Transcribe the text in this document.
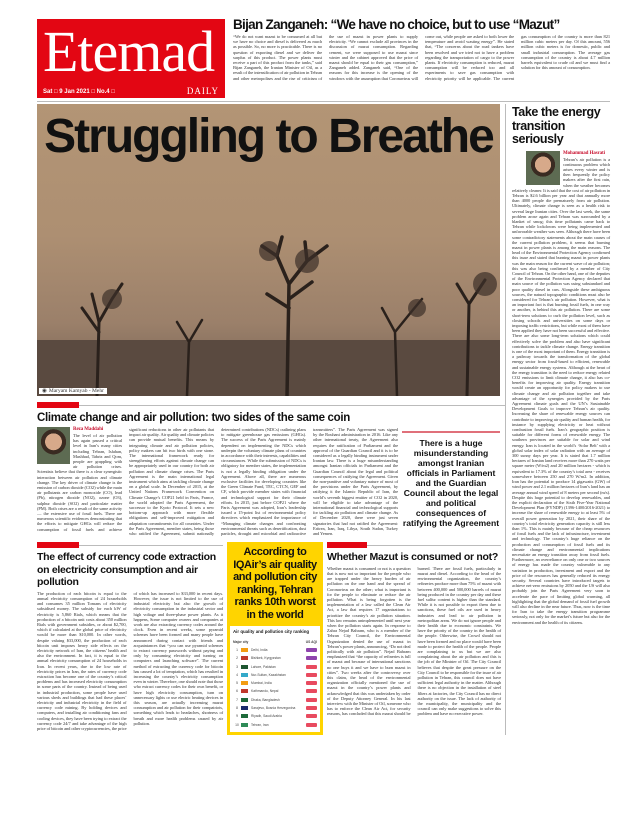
Etemad
Sat □ 9 Jan 2021 □ No.4 □	DAILY
Bijan Zanganeh: “We have no choice, but to use “Mazut”
“We do not want mazut to be consumed at all but we have no choice and diesel is delivered as much as possible. So, no more is practicable. There is no question of exporting diesel and we deliver the surplus of this product. The power plants must receive a part of this product from the tanks,” said Bijan Zanganeh, the Iranian Minister of Oil, as a result of the intensification of air pollution in Tehran and other metropolises and the rise of criticism of the use of mazut in power plants to supply electricity. “We cannot exclude all provinces in the discussion of mazut consumption. Regarding cement, we were supposed to use mazut since winter and the cabinet approved that the price of mazut should be equal to their gas consumption,” Zanganeh added. Zanganeh said, “One of the reasons for this increase is the opening of the windows with the assumption that Coronavirus will come out, while people are asked to both lower the temperature and avoid wasting energy”. He stated that, “The concerns about the road tankers have been resolved and we tried not to have a problem regarding the transportation of cargo to the power plants. If electricity consumption is reduced, mazut consumption will be reduced too and all experiments to save gas consumption with electricity priority will be applicable. The current gas consumption of the country is more than 821 million cubic meters per day. Of this amount, 556 million cubic meters is for domestic, public and small industrial consumption. The average gas consumption of the country is about 4.7 million barrels equivalent to crude oil and we must find a solution for this amount of consumption.
Struggling to Breathe
◉ Maryam Kamyab - Mehr
Climate change and air pollution: two sides of the same coin
Reza Maddahi
The level of air pollution has again passed a critical level in Iran’s many cities including Tehran, Isfahan, Mashhad, Tabriz and Qom, people are grappling with air pollution crises. Scientists believe that there is a clear synergistic interaction between air pollution and climate change. The key driver of climate change is the emission of carbon dioxide (CO2) while the main air pollutants are carbon monoxide (CO), lead (Pb), nitrogen dioxide (NO2), ozone (O3), sulphur dioxide (SO2) and particulate matter (PM). Both crises are a result of the same activity — the extensive use of fossil fuels. There are numerous scientific evidences demonstrating that the efforts to mitigate GHGs will reduce the consumption of fossil fuels and achieve significant reductions in other air pollutants that impact air quality. Air quality and climate policies can provide mutual benefits. This means by integrating climate and air pollution policies, policy makers can hit two birds with one stone. The international framework ready for strengthening efforts against climate change can be appropriately used in our country for both air pollution and climate change crises. The Paris Agreement is the main international legal instrument which aims at tackling climate change on a global scale. In December of 2015, at the United Nations Framework Convention on Climate Change’s COP21 held in Paris, France, the world adopted the Paris Agreement, the successor to the Kyoto Protocol. It sets a new bottom-up approach with more flexible obligations and self-improved mitigation and adaptation commitments for all countries. Under the Paris Agreement, member states, being those who ratified the Agreement, submit nationally determined contributions (NDCs) outlining plans to mitigate greenhouse gas emissions (GHGs). The success of the Paris Agreement is mainly dependent on implementing the NDCs which underpin the voluntary climate plans of countries in accordance with their interests, capabilities and circumstances. While the submission of NDCs is obligatory for member states, the implementation is not a legally binding obligation under the Agreement. Above all, there are numerous exclusive facilities for developing countries like the Green Climate Fund, TEC, CTCN, GEF and CF, which provide member states with financial and technological support for their climate efforts. In 2015, just before COP21 where the Paris Agreement was adopted, Iran’s leadership issued a 15-point list of environmental policy directives which emphasized the importance of “Managing climate changes and confronting environmental threats such as desertification, dust particles, drought and microbial and radioactive transmitters”. The Paris Agreement was signed by the Rouhani administration in 2016. Like any other international treaty, the Agreement also requires the ratification of Parliament and the approval of the Guardian Council and it is to be considered as a legally binding instrument under Iranian law. There is a huge misunderstanding amongst Iranian officials in Parliament and the Guardian Council about the legal and political consequences of ratifying the Agreement. Given the non-punitive and voluntary nature of most of the provisions under the Paris Agreement, by ratifying it the Islamic Republic of Iran, the world’s seventh biggest emitter of CO2 in 2020, will be eligible to take advantage of the international financial and technological supports for tackling air pollution and climate change. As of December 2020, there were just seven signatories that had not ratified the Agreement: Eritrea, Iran, Iraq, Libya, South Sudan, Turkey and Yemen.
There is a huge misunderstanding amongst Iranian officials in Parliament and the Guardian Council about the legal and political consequences of ratifying the Agreement
The effect of currency code extraction on electricity consumption and air pollution
The production of each bitcoin is equal to the annual electricity consumption of 24 households and consumes 35 million Tomans of electricity subsidised money. The subsidy for each kW of electricity is 5,860 Rials, which means that the production of a bitcoin unit costs about 350 million Rials with government subsidies, or about $2,700, which if calculated at the global price of electricity would be more than $10,000. In other words, despite valuing $33,000, the production of each bitcoin unit imposes heavy side effects on the electricity network of Iran, the citizens’ health and also the environment. In fact, it is equal to the annual electricity consumption of 24 households in Iran. In recent years, due to the low rate of electricity prices in Iran, the rates of currency code extraction has become one of the country’s critical problems and has increased electricity consumption in some parts of the country. Instead of being used in industrial production, some people have used various sheds and buildings that had these places’ electricity and industrial electricity in the field of currency code mining. By holding devices and computers, and installing air conditioning fans and cooling devices, they have been trying to extract the currency code 24/7 and take advantage of the high price of bitcoin and other cryptocurrencies, the price of which has increased to $33,000 in recent days. However, the issue is not limited to the use of industrial electricity but also the growth of electricity consumption in the industrial sector and high voltage and three-phase power plants. As it happens, Some computer owners and companies at work are also extracting currency codes around the clock. Even in recent weeks, some pyramid schemes have been formed and many people have announced during contact with friends and acquaintances that “you can use pyramid schemes to extract currency passwords without paying and only by consuming electricity and turning on computers and launching software”. The current method of extracting the currency code for bitcoin has caused a lot of temptation, which has resulted in increasing the country’s electricity consumption even in winter. Therefore, one should note that those who extract currency codes for their own benefit, or have high electricity consumption, turn on unnecessary lights or use electric heating devices in this season, are actually increasing mazut consumption and air pollution for their compatriots, something which leads to headaches, shortness of breath and more health problems caused by air pollution.
According to IQAir’s air quality and pollution city ranking, Tehran ranks 10th worst in the world
Air quality and pollution city ranking
Major city	US AQI
1	Delhi, India
2	Bishkek, Kyrgyzstan
3	Lahore, Pakistan
4	Nur-Sultan, Kazakhstan
5	Mumbai, India
6	Kathmandu, Nepal
7	Dhaka, Bangladesh
8	Sarajevo, Bosnia Herzegovina
9	Riyadh, Saudi Arabia
10	Tehran, Iran
Whether Mazut is consumed or not?
Whether mazut is consumed or not is a question that is now not so important for the people who are trapped under the heavy burden of air pollution on the one hand and the spread of Coronavirus on the other; what is important is for the people to eliminate or reduce the air pollution. What is being forgotten is the implementation of a law called the Clean Air Act, a law that requires 17 organizations to prioritize the country’s air pollution situation. This law remains unimplemented until next year when the pollution starts again. In response to Zahra Nejad Bahram, who is a member of the Tehran City Council, the Environmental Organization denied the use of mazut in Tehran’s power plants, announcing, “Do not deal politically with air pollution”. Nejad Bahram emphasized that “the capacity of refineries is full of mazut and because of international sanctions no one buys it and we have to burn mazut in cities”. Two weeks after the controversy over this claim, the head of the environmental organization officially mentioned the use of mazut in the country’s power plants and acknowledged that this was undertaken by order of the Deputy Attorney General. In his last interview with the Minister of Oil, someone who has to enforce the Clean Air Act, for security reasons, has concluded that this mazut should be burned. There are fossil fuels, particularly in mazut and diesel. According to the head of the environmental organization, the country’s refineries produce more than 75% of mazut with between 400,000 and 500,000 barrels of mazut being produced in the country per day and these fuel sulfur content is higher than the standard. While it is not possible to export them due to sanctions, these fuel oils are used in heavy industries and lead to air pollution in metropolitan areas. We do not ignore people and their health due to economic constraints. We have the priority of the country in the health of the people. Otherwise, the Crowd should not have been formed and no place would have been made to protect the health of the people. People are complaining to us but we are also complaining about the air pollution and this is the job of the Minister of Oil. The City Council believes that despite the great pressure on the City Council to be responsible for the issue of air pollution in Tehran, this council does not have sufficient legal authority in the matter. Although there is no objection in the installation of steel filters at factories, the City Council has no direct authority on the issue. The lack of authority of the municipality, the municipality and the council can only make suggestions to solve this problem and have no executive power.
Take the energy transition seriously
Mohammad Hasrati
Tehran’s air pollution is a continuous problem which arises every winter and is then frequently the policy makers after the first rain, when the weather becomes relatively cleaner. It is said that the cost of air pollution in Tehran is $2.6 billion per year and that annually more than 4000 people die prematurely from air pollution. Ultimately, climate change is seen as a health risk to several large Iranian cities. Over the last week, the same problem arose again and Tehran was surrounded by a blanket of smog; this time pollutants came back to Tehran while lockdowns were being implemented and unfavorable weather was seen. Although there have been some contradictory statements about the main causes of the current pollution problem, it seems that burning mazut in power plants is among the main reasons. The head of the Environmental Protection Agency confirmed this issue and stated that burning mazut in power plants was the main reason for the current wave of air pollution; this was also being confirmed by a member of City Council of Tehran. On the other hand, one of the deputies of the Environmental Protection Agency declared that main source of the pollution was using substandard and poor quality diesel in cars. Alongside these ambiguous sources, the natural topographic conditions must also be considered for Tehran’s air pollution. However, what is an important fact is that burning fossil fuels, in one way or another, is behind this air pollution. There are some short-term solutions to curb the pollution level, such as closing schools and universities on some days or imposing traffic restrictions, but while most of them have been applied they have not been successful and effective. There are also some long-term solutions which could effectively solve the problem and also have significant contributions to tackle climate change. Energy transition is one of the most important of them. Energy transition is a pathway towards the transformation of the global energy sector from fossil-based to efficient, renewable and sustainable energy systems. Although at the heart of the energy transition is the need to reduce energy related CO2 emissions to limit climate change, it also has co-benefits for improving air quality. Energy transition would create an opportunity for policy makers to use climate change and air pollution together and take advantage of the synergies provided by the Paris Agreement climate goals and the UN’s Sustainable Development Goals to improve Tehran’s air quality. Increasing the share of renewable energy sources can contribute to improving air quality and human health, for instance by supplying electricity or heat without combustion fossil fuels. Iran’s geographic position is suitable for different forms of renewable energy. The southern provinces are suitable for solar and wind energy. Iran is located in the world’s ‘Solar Belt’ with a global solar index of solar radiation with an average of 300 sunny days per year. It is stated that 1.7 million hectares of Iranian land receives more than 270 watts per square meter (W/m2) and 20 million hectares - which is equivalent to 17.3% of the country’s total area - receives somewhere between 250 and 270 W/m2. In addition, Iran has the potential to produce 14 gigawatts (GW) of wind power and 2.1 million hectares of Iran’s land has an average annual wind speed of 8 meters per second (m/s). Despite this huge potential to develop renewables, and the explicit declaration of the Sixth Five-Year National Development Plan (FYNDP) (1396-1400/2016-2021) to increase the share of renewable energy to at least 5% of overall power generation by 2021, their share of the country’s total electricity generation capacity is still less than 1%. This is mainly because of the cheap resources of fossil fuels and the lack of infrastructure, investment and technology. The country’s huge reliance on the production and consumption of fossil fuels and its climate change and environmental implications necessitate an energy transition away from fossil fuels. Furthermore, an overreliance on only one or two sources of energy has made the country vulnerable to any variation in production, investment and export and the price of the resources has generally reduced its energy security. Several countries have introduced targets to achieve net-zero emissions by 2050 and the US will also probably join the Paris Agreement very soon to accelerate the pace of limiting global warming, all highlighting that the global demand of fossil fuel growth will also decline in the near future. Thus, now is the time for Iran to take the energy transition programme seriously, not only for the market’s future but also for the environment and the health of its citizens.
